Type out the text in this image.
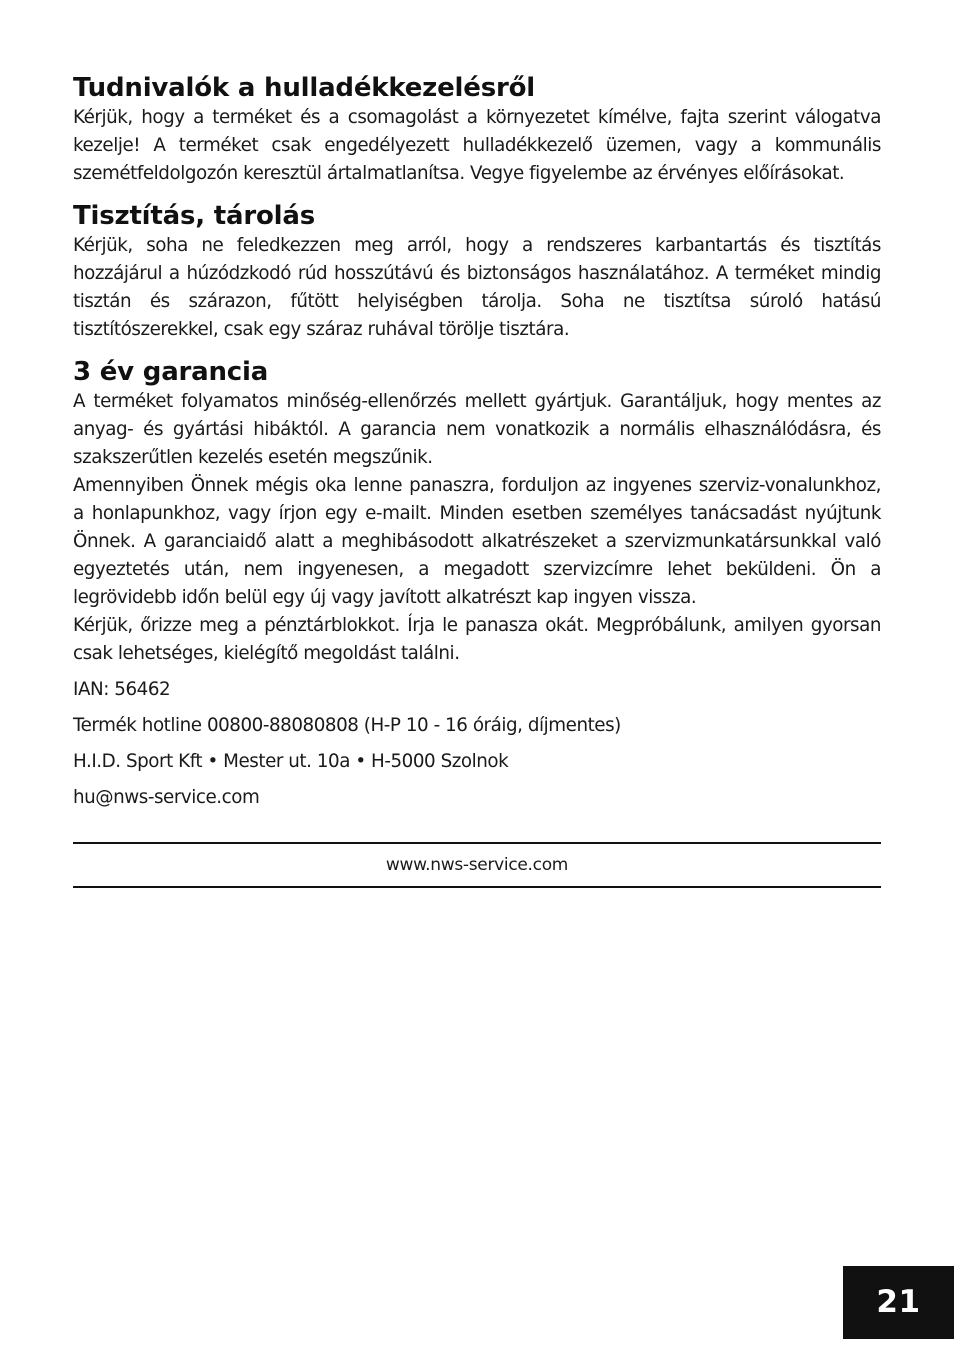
Tudnivalók a hulladékkezelésről

Kérjük, hogy a terméket és a csomagolást a környezetet kímélve, fajta szerint válogatva kezelje! A terméket csak engedélyezett hulladékkezelő üzemen, vagy a kommunális szemétfeldolgozón keresztül ártalmatlanítsa. Vegye figyelembe az érvényes előírásokat.

Tisztítás, tárolás

Kérjük, soha ne feledkezzen meg arról, hogy a rendszeres karbantartás és tisztítás hozzájárul a húzódzkodó rúd hosszútávú és biztonságos használatához. A terméket mindig tisztán és szárazon, fűtött helyiségben tárolja. Soha ne tisztítsa súroló hatású tisztítószerekkel, csak egy száraz ruhával törölje tisztára.

3 év garancia

A terméket folyamatos minőség-ellenőrzés mellett gyártjuk. Garantáljuk, hogy mentes az anyag- és gyártási hibáktól. A garancia nem vonatkozik a normális elhasználódásra, és szakszerűtlen kezelés esetén megszűnik.

Amennyiben Önnek mégis oka lenne panaszra, forduljon az ingyenes szerviz-vonalunkhoz, a honlapunkhoz, vagy írjon egy e-mailt. Minden esetben személyes tanácsadást nyújtunk Önnek. A garanciaidő alatt a meghibásodott alkatrészeket a szervizmunkatársunkkal való egyeztetés után, nem ingyenesen, a megadott szervizcímre lehet beküldeni. Ön a legrövidebb időn belül egy új vagy javított alkatrészt kap ingyen vissza.

Kérjük, őrizze meg a pénztárblokkot. Írja le panasza okát. Megpróbálunk, amilyen gyorsan csak lehetséges, kielégítő megoldást találni.

IAN: 56462
Termék hotline 00800-88080808 (H-P 10 - 16 óráig, díjmentes)
H.I.D. Sport Kft • Mester ut. 10a • H-5000 Szolnok
hu@nws-service.com
www.nws-service.com
21
